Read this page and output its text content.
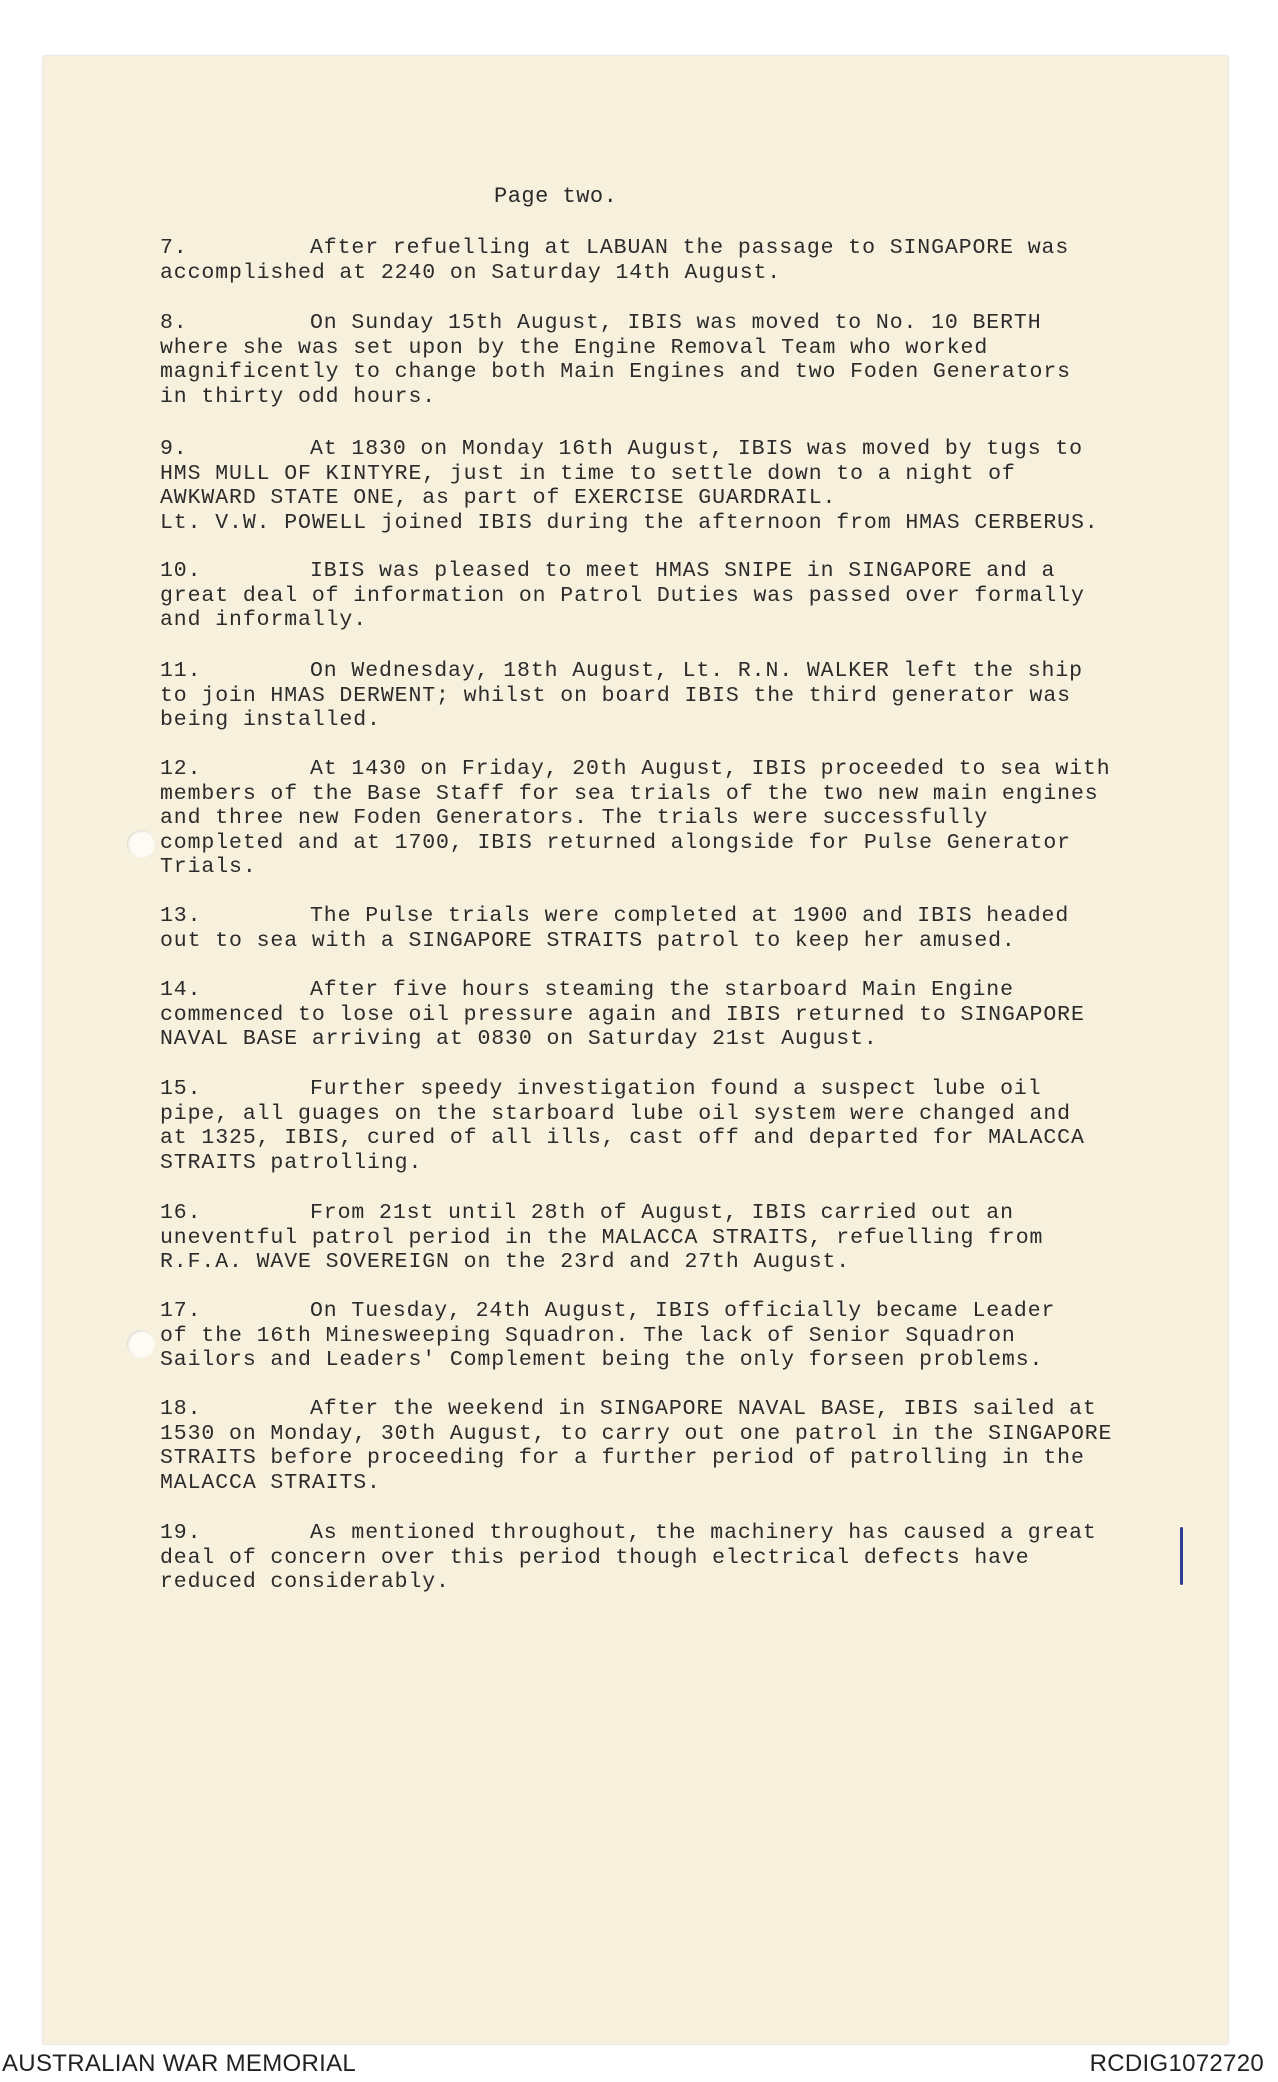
Page two.
7.	After refuelling at LABUAN the passage to SINGAPORE was
accomplished at 2240 on Saturday 14th August.
8.	On Sunday 15th August, IBIS was moved to No. 10 BERTH
where she was set upon by the Engine Removal Team who worked
magnificently to change both Main Engines and two Foden Generators
in thirty odd hours.
9.	At 1830 on Monday 16th August, IBIS was moved by tugs to
HMS MULL OF KINTYRE, just in time to settle down to a night of
AWKWARD STATE ONE, as part of EXERCISE GUARDRAIL.
Lt. V.W. POWELL joined IBIS during the afternoon from HMAS CERBERUS.
10.	IBIS was pleased to meet HMAS SNIPE in SINGAPORE and a
great deal of information on Patrol Duties was passed over formally
and informally.
11.	On Wednesday, 18th August, Lt. R.N. WALKER left the ship
to join HMAS DERWENT; whilst on board IBIS the third generator was
being installed.
12.	At 1430 on Friday, 20th August, IBIS proceeded to sea with
members of the Base Staff for sea trials of the two new main engines
and three new Foden Generators. The trials were successfully
completed and at 1700, IBIS returned alongside for Pulse Generator
Trials.
13.	The Pulse trials were completed at 1900 and IBIS headed
out to sea with a SINGAPORE STRAITS patrol to keep her amused.
14.	After five hours steaming the starboard Main Engine
commenced to lose oil pressure again and IBIS returned to SINGAPORE
NAVAL BASE arriving at 0830 on Saturday 21st August.
15.	Further speedy investigation found a suspect lube oil
pipe, all guages on the starboard lube oil system were changed and
at 1325, IBIS, cured of all ills, cast off and departed for MALACCA
STRAITS patrolling.
16.	From 21st until 28th of August, IBIS carried out an
uneventful patrol period in the MALACCA STRAITS, refuelling from
R.F.A. WAVE SOVEREIGN on the 23rd and 27th August.
17.	On Tuesday, 24th August, IBIS officially became Leader
of the 16th Minesweeping Squadron. The lack of Senior Squadron
Sailors and Leaders' Complement being the only forseen problems.
18.	After the weekend in SINGAPORE NAVAL BASE, IBIS sailed at
1530 on Monday, 30th August, to carry out one patrol in the SINGAPORE
STRAITS before proceeding for a further period of patrolling in the
MALACCA STRAITS.
19.	As mentioned throughout, the machinery has caused a great
deal of concern over this period though electrical defects have
reduced considerably.
AUSTRALIAN WAR MEMORIAL	RCDIG1072720
